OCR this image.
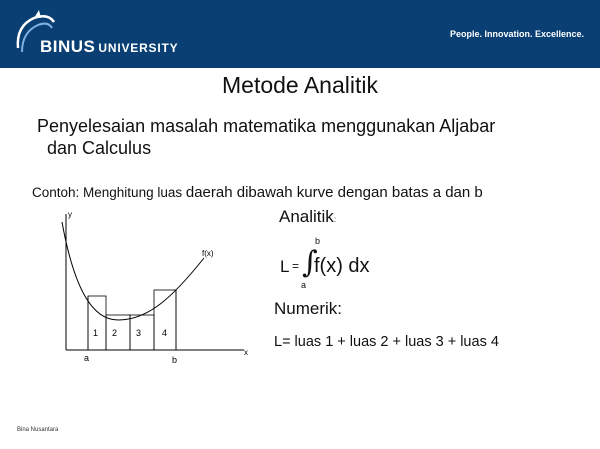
BINUS UNIVERSITY
People. Innovation. Excellence.
Metode Analitik
Penyelesaian masalah matematika menggunakan Aljabar
dan Calculus
Contoh: Menghitung luas daerah dibawah kurve dengan batas a dan b
y
x
f(x)
1 2 3 4
a	b
Analitik:
L = ∫
b
a
f(x) dx
Numerik:
L= luas 1 + luas 2 + luas 3 + luas 4
Bina Nusantara
